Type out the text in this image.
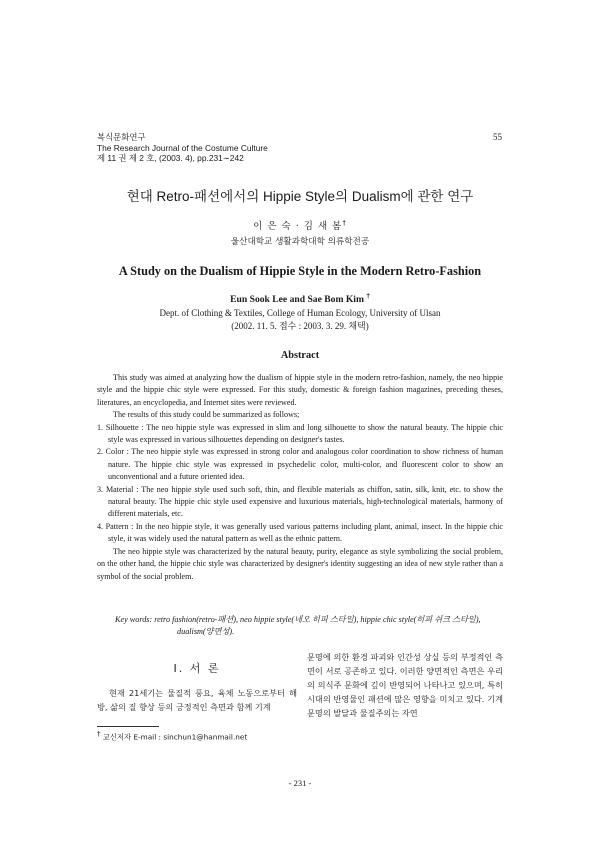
복식문화연구
The Research Journal of the Costume Culture
제 11 권 제 2 호, (2003. 4), pp.231∼242
55
현대 Retro-패션에서의 Hippie Style의 Dualism에 관한 연구
이 은 숙 · 김 새 봄†
울산대학교 생활과학대학 의류학전공
A Study on the Dualism of Hippie Style in the Modern Retro-Fashion
Eun Sook Lee and Sae Bom Kim †
Dept. of Clothing & Textiles, College of Human Ecology, University of Ulsan
(2002. 11. 5. 접수 : 2003. 3. 29. 채택)
Abstract

This study was aimed at analyzing how the dualism of hippie style in the modern retro-fashion, namely, the neo hippie style and the hippie chic style were expressed. For this study, domestic & foreign fashion magazines, preceding theses, literatures, an encyclopedia, and Internet sites were reviewed.

The results of this study could be summarized as follows;

1. Silhouette : The neo hippie style was expressed in slim and long silhouette to show the natural beauty. The hippie chic style was expressed in various silhouettes depending on designer's tastes.

2. Color : The neo hippie style was expressed in strong color and analogous color coordination to show richness of human nature. The hippie chic style was expressed in psychedelic color, multi-color, and fluorescent color to show an unconventional and a future oriented idea.

3. Material : The neo hippie style used such soft, thin, and flexible materials as chiffon, satin, silk, knit, etc. to show the natural beauty. The hippie chic style used expensive and luxurious materials, high-technological materials, harmony of different materials, etc.

4. Pattern : In the neo hippie style, it was generally used various patterns including plant, animal, insect. In the hippie chic style, it was widely used the natural pattern as well as the ethnic pattern.

The neo hippie style was characterized by the natural beauty, purity, elegance as style symbolizing the social problem, on the other hand, the hippie chic style was characterized by designer's identity suggesting an idea of new style rather than a symbol of the social problem.

Key words: retro fashion(retro-패션), neo hippie style(네오 히피 스타일), hippie chic style(히피 쉬크 스타일),
dualism(양면성).
Ⅰ. 서 론

현재 21세기는 물질적 풍요, 육체 노동으로부터 해방, 삶의 질 향상 등의 긍정적인 측면과 함께 기계

문명에 의한 환경 파괴와 인간성 상실 등의 부정적인 측면이 서로 공존하고 있다. 이러한 양면적인 측면은 우리의 의식주 문화에 깊이 반영되어 나타나고 있으며, 특히 시대의 반영물인 패션에 많은 영향을 미치고 있다. 기계 문명의 발달과 물질주의는 자연
† 교신저자 E-mail : sinchun1@hanmail.net
- 231 -
